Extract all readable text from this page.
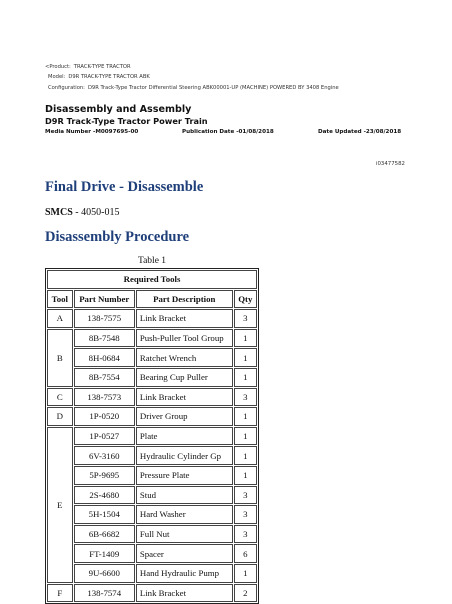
<Product: TRACK-TYPE TRACTOR
Model: D9R TRACK-TYPE TRACTOR ABK
Configuration: D9R Track-Type Tractor Differential Steering ABK00001-UP (MACHINE) POWERED BY 3408 Engine
Disassembly and Assembly
D9R Track-Type Tractor Power Train
Media Number -M0097695-00	Publication Date -01/08/2018	Date Updated -23/08/2018
i03477582
Final Drive - Disassemble
SMCS - 4050-015
Disassembly Procedure
Table 1
Required Tools			
Tool	Part Number	Part Description	Qty
A	138-7575	Link Bracket	3
B	8B-7548	Push-Puller Tool Group	1
	8H-0684	Ratchet Wrench	1
	8B-7554	Bearing Cup Puller	1
C	138-7573	Link Bracket	3
D	1P-0520	Driver Group	1
E	1P-0527	Plate	1
	6V-3160	Hydraulic Cylinder Gp	1
	5P-9695	Pressure Plate	1
	2S-4680	Stud	3
	5H-1504	Hard Washer	3
	6B-6682	Full Nut	3
	FT-1409	Spacer	6
	9U-6600	Hand Hydraulic Pump	1
F	138-7574	Link Bracket	2
